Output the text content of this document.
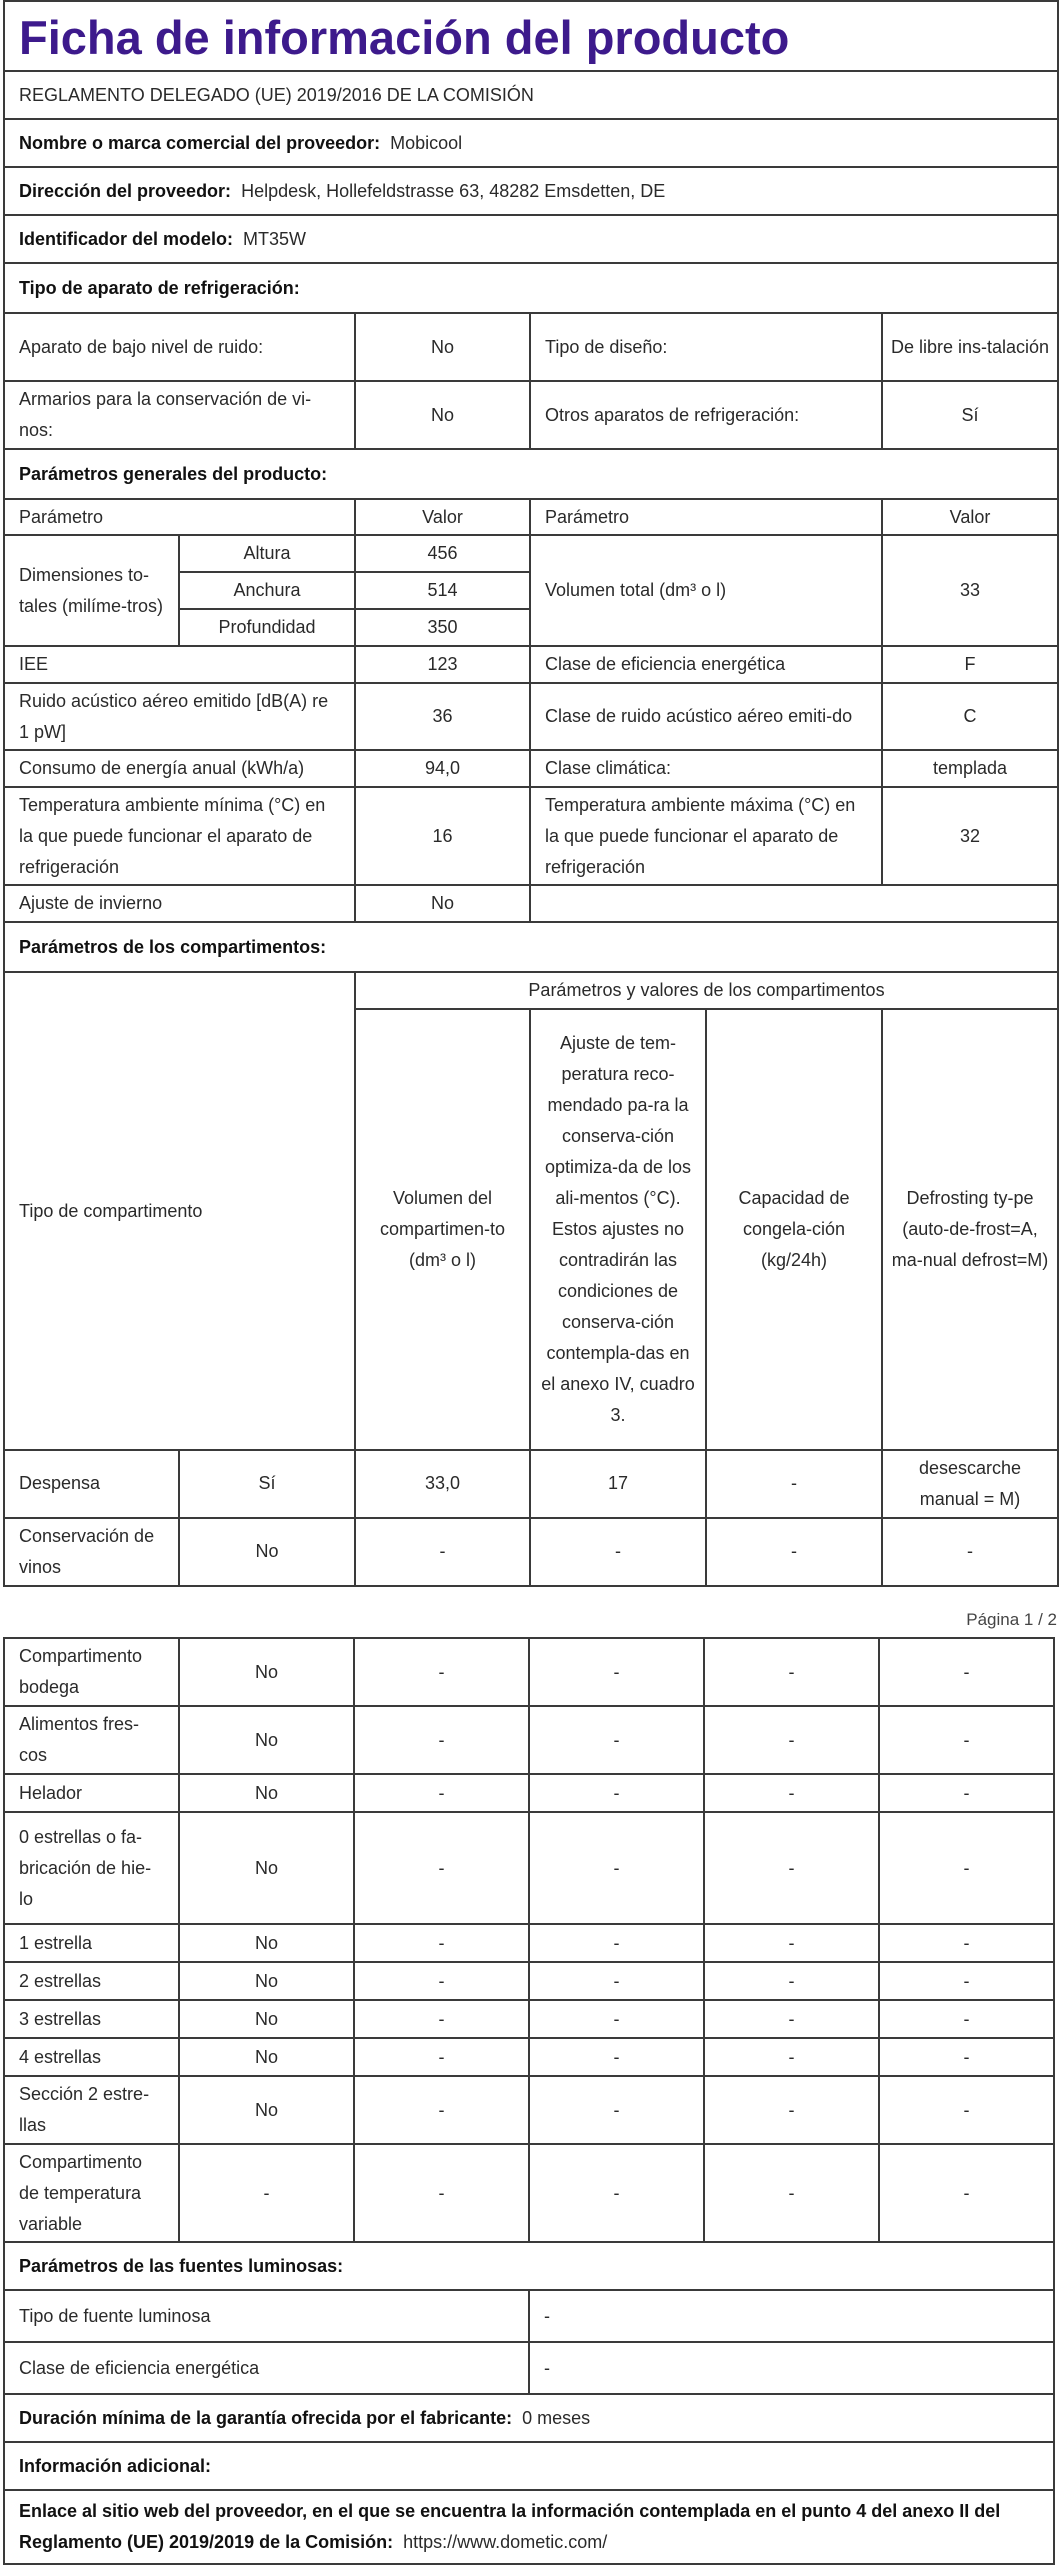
Ficha de información del producto					
REGLAMENTO DELEGADO (UE) 2019/2016 DE LA COMISIÓN					
Nombre o marca comercial del proveedor: Mobicool					
Dirección del proveedor: Helpdesk, Hollefeldstrasse 63, 48282 Emsdetten, DE					
Identificador del modelo: MT35W					
Tipo de aparato de refrigeración:					
Aparato de bajo nivel de ruido:		No	Tipo de diseño:		De libre ins-talación
Armarios para la conservación de vi-nos:		No	Otros aparatos de refrigeración:		Sí
Parámetros generales del producto:					
Parámetro		Valor	Parámetro		Valor
Dimensiones to-tales (milíme-tros)	Altura	456	Volumen total (dm³ o l)		33
	Anchura	514			
	Profundidad	350			
IEE		123	Clase de eficiencia energética		F
Ruido acústico aéreo emitido [dB(A) re 1 pW]		36	Clase de ruido acústico aéreo emiti-do		C
Consumo de energía anual (kWh/a)		94,0	Clase climática:		templada
Temperatura ambiente mínima (°C) en la que puede funcionar el aparato de refrigeración		16	Temperatura ambiente máxima (°C) en la que puede funcionar el aparato de refrigeración		32
Ajuste de invierno		No			
Parámetros de los compartimentos:					
Tipo de compartimento		Parámetros y valores de los compartimentos			
		Volumen del compartimen-to (dm³ o l)	Ajuste de tem-peratura reco-mendado pa-ra la conserva-ción optimiza-da de los ali-mentos (°C). Estos ajustes no contradirán las condiciones de conserva-ción contempla-das en el anexo IV, cuadro 3.	Capacidad de congela-ción (kg/24h)	Defrosting ty-pe (auto-de-frost=A, ma-nual defrost=M)
Despensa	Sí	33,0	17	-	desescarche manual = M)
Conservación de vinos	No	-	-	-	-
Página 1 / 2
Compartimento bodega	No	-	-	-	-
Alimentos fres-cos	No	-	-	-	-
Helador	No	-	-	-	-
0 estrellas o fa-bricación de hie-lo	No	-	-	-	-
1 estrella	No	-	-	-	-
2 estrellas	No	-	-	-	-
3 estrellas	No	-	-	-	-
4 estrellas	No	-	-	-	-
Sección 2 estre-llas	No	-	-	-	-
Compartimento de temperatura variable	-	-	-	-	-
Parámetros de las fuentes luminosas:					
Tipo de fuente luminosa			-		
Clase de eficiencia energética			-		
Duración mínima de la garantía ofrecida por el fabricante: 0 meses					
Información adicional:					
Enlace al sitio web del proveedor, en el que se encuentra la información contemplada en el punto 4 del anexo II del Reglamento (UE) 2019/2019 de la Comisión: https://www.dometic.com/					
